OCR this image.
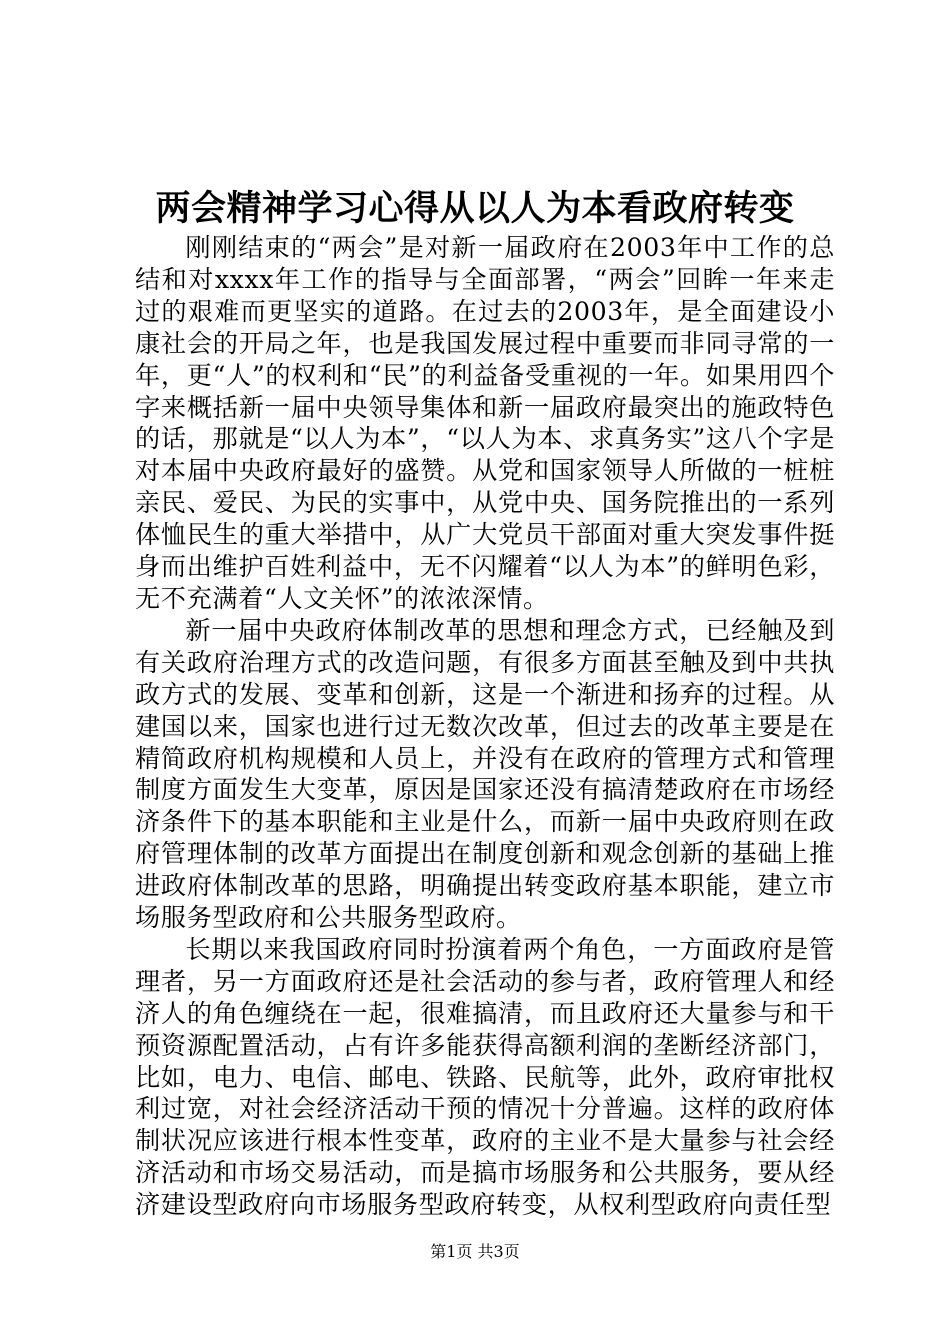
两会精神学习心得从以人为本看政府转变

刚刚结束的“两会”是对新一届政府在2003年中工作的总结和对xxxx年工作的指导与全面部署，“两会”回眸一年来走过的艰难而更坚实的道路。在过去的2003年，是全面建设小康社会的开局之年，也是我国发展过程中重要而非同寻常的一年，更“人”的权利和“民”的利益备受重视的一年。如果用四个字来概括新一届中央领导集体和新一届政府最突出的施政特色的话，那就是“以人为本”，“以人为本、求真务实”这八个字是对本届中央政府最好的盛赞。从党和国家领导人所做的一桩桩亲民、爱民、为民的实事中，从党中央、国务院推出的一系列体恤民生的重大举措中，从广大党员干部面对重大突发事件挺身而出维护百姓利益中，无不闪耀着“以人为本”的鲜明色彩，无不充满着“人文关怀”的浓浓深情。

新一届中央政府体制改革的思想和理念方式，已经触及到有关政府治理方式的改造问题，有很多方面甚至触及到中共执政方式的发展、变革和创新，这是一个渐进和扬弃的过程。从建国以来，国家也进行过无数次改革，但过去的改革主要是在精简政府机构规模和人员上，并没有在政府的管理方式和管理制度方面发生大变革，原因是国家还没有搞清楚政府在市场经济条件下的基本职能和主业是什么，而新一届中央政府则在政府管理体制的改革方面提出在制度创新和观念创新的基础上推进政府体制改革的思路，明确提出转变政府基本职能，建立市场服务型政府和公共服务型政府。

长期以来我国政府同时扮演着两个角色，一方面政府是管理者，另一方面政府还是社会活动的参与者，政府管理人和经济人的角色缠绕在一起，很难搞清，而且政府还大量参与和干预资源配置活动，占有许多能获得高额利润的垄断经济部门，比如，电力、电信、邮电、铁路、民航等，此外，政府审批权利过宽，对社会经济活动干预的情况十分普遍。这样的政府体制状况应该进行根本性变革，政府的主业不是大量参与社会经济活动和市场交易活动，而是搞市场服务和公共服务，要从经济建设型政府向市场服务型政府转变，从权利型政府向责任型

第1页 共3页
